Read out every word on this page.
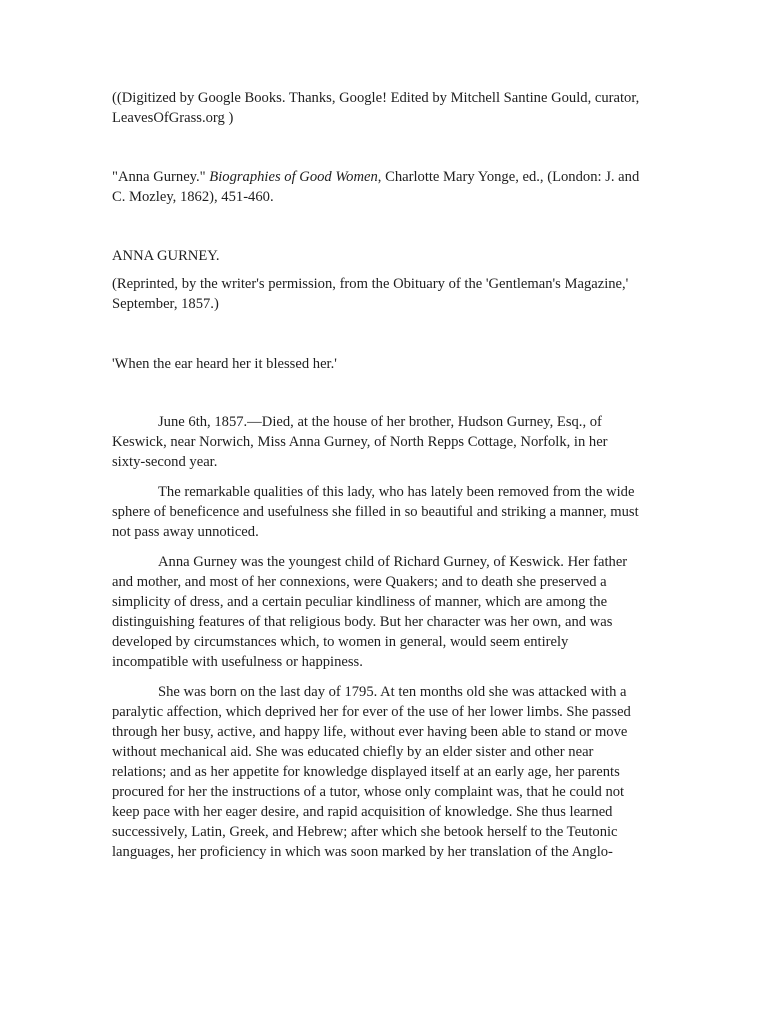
((Digitized by Google Books. Thanks, Google! Edited by Mitchell Santine Gould, curator, LeavesOfGrass.org )

"Anna Gurney." Biographies of Good Women, Charlotte Mary Yonge, ed., (London: J. and C. Mozley, 1862), 451-460.

ANNA GURNEY.

(Reprinted, by the writer's permission, from the Obituary of the 'Gentleman's Magazine,' September, 1857.)

'When the ear heard her it blessed her.'

June 6th, 1857.—Died, at the house of her brother, Hudson Gurney, Esq., of Keswick, near Norwich, Miss Anna Gurney, of North Repps Cottage, Norfolk, in her sixty-second year.

The remarkable qualities of this lady, who has lately been removed from the wide sphere of beneficence and usefulness she filled in so beautiful and striking a manner, must not pass away unnoticed.

Anna Gurney was the youngest child of Richard Gurney, of Keswick. Her father and mother, and most of her connexions, were Quakers; and to death she preserved a simplicity of dress, and a certain peculiar kindliness of manner, which are among the distinguishing features of that religious body. But her character was her own, and was developed by circumstances which, to women in general, would seem entirely incompatible with usefulness or happiness.

She was born on the last day of 1795. At ten months old she was attacked with a paralytic affection, which deprived her for ever of the use of her lower limbs. She passed through her busy, active, and happy life, without ever having been able to stand or move without mechanical aid. She was educated chiefly by an elder sister and other near relations; and as her appetite for knowledge displayed itself at an early age, her parents procured for her the instructions of a tutor, whose only complaint was, that he could not keep pace with her eager desire, and rapid acquisition of knowledge. She thus learned successively, Latin, Greek, and Hebrew; after which she betook herself to the Teutonic languages, her proficiency in which was soon marked by her translation of the Anglo-
